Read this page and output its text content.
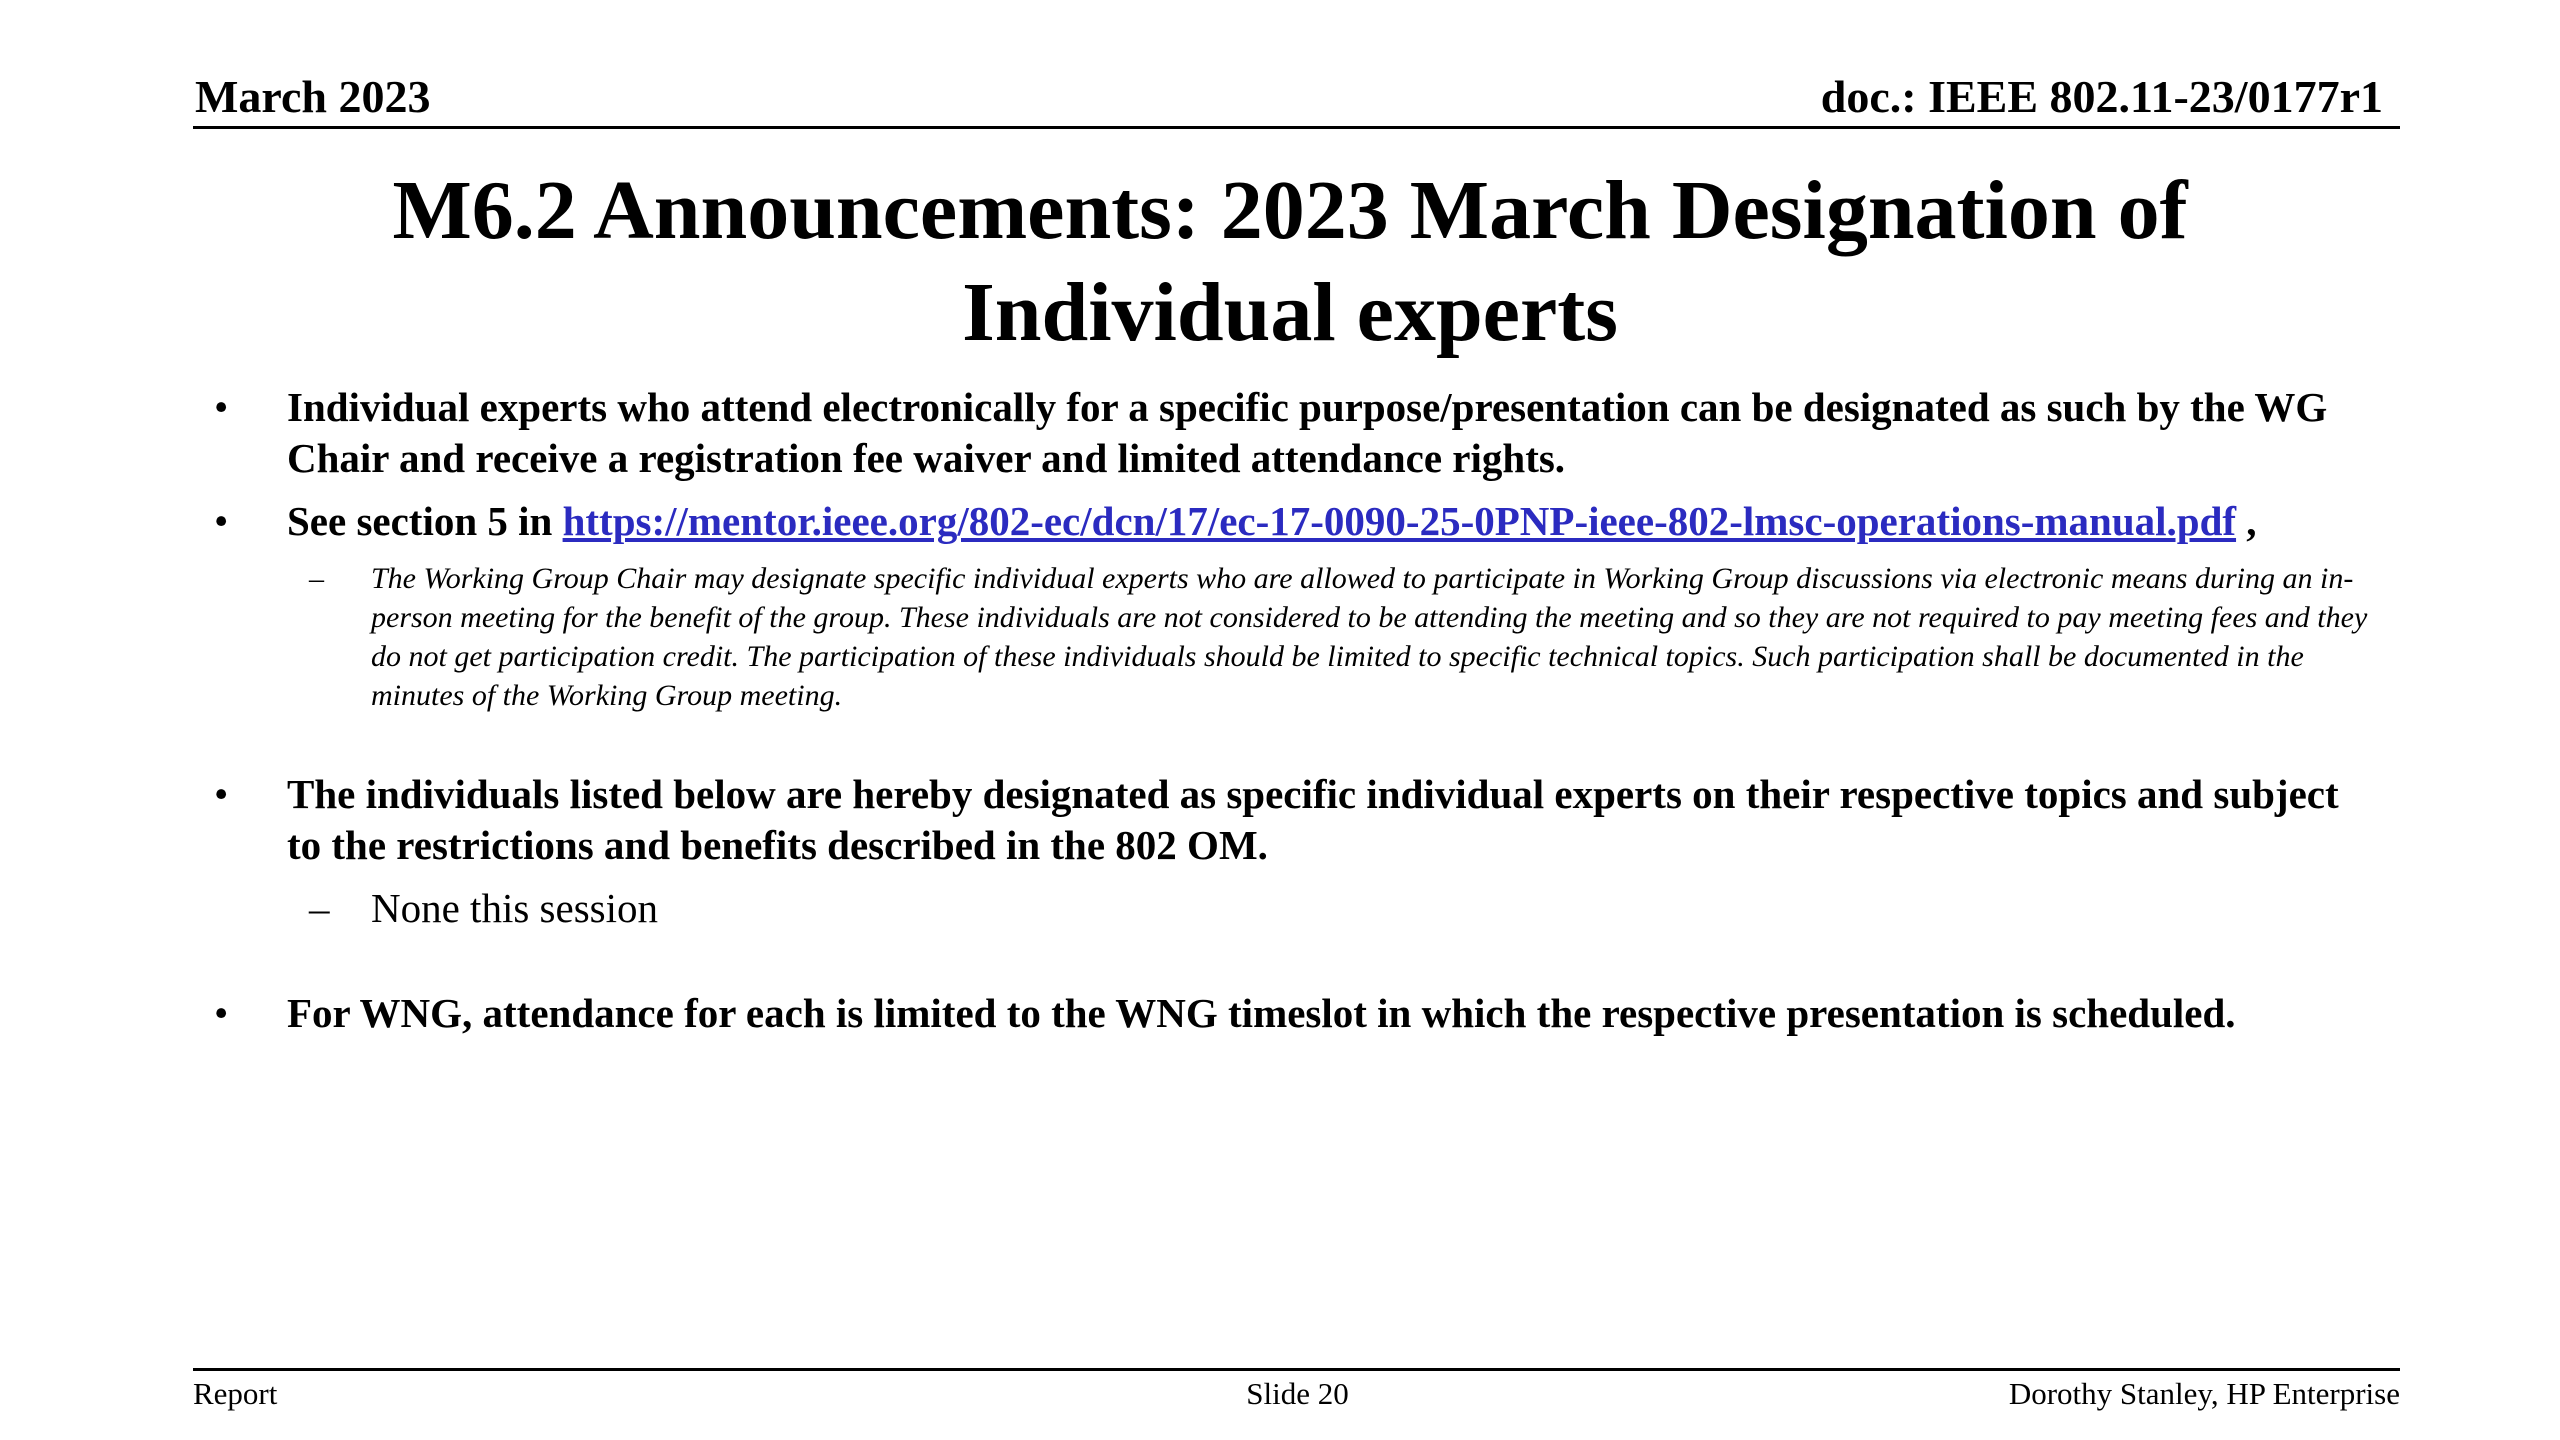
March 2023	doc.: IEEE 802.11-23/0177r1
M6.2 Announcements: 2023 March Designation of
Individual experts
• Individual experts who attend electronically for a specific purpose/presentation can be designated as such by the WG Chair and receive a registration fee waiver and limited attendance rights.
• See section 5 in https://mentor.ieee.org/802-ec/dcn/17/ec-17-0090-25-0PNP-ieee-802-lmsc-operations-manual.pdf ,
– The Working Group Chair may designate specific individual experts who are allowed to participate in Working Group discussions via electronic means during an in-person meeting for the benefit of the group. These individuals are not considered to be attending the meeting and so they are not required to pay meeting fees and they do not get participation credit. The participation of these individuals should be limited to specific technical topics. Such participation shall be documented in the minutes of the Working Group meeting.
• The individuals listed below are hereby designated as specific individual experts on their respective topics and subject to the restrictions and benefits described in the 802 OM.
– None this session
• For WNG, attendance for each is limited to the WNG timeslot in which the respective presentation is scheduled.
Report	Slide 20	Dorothy Stanley, HP Enterprise
